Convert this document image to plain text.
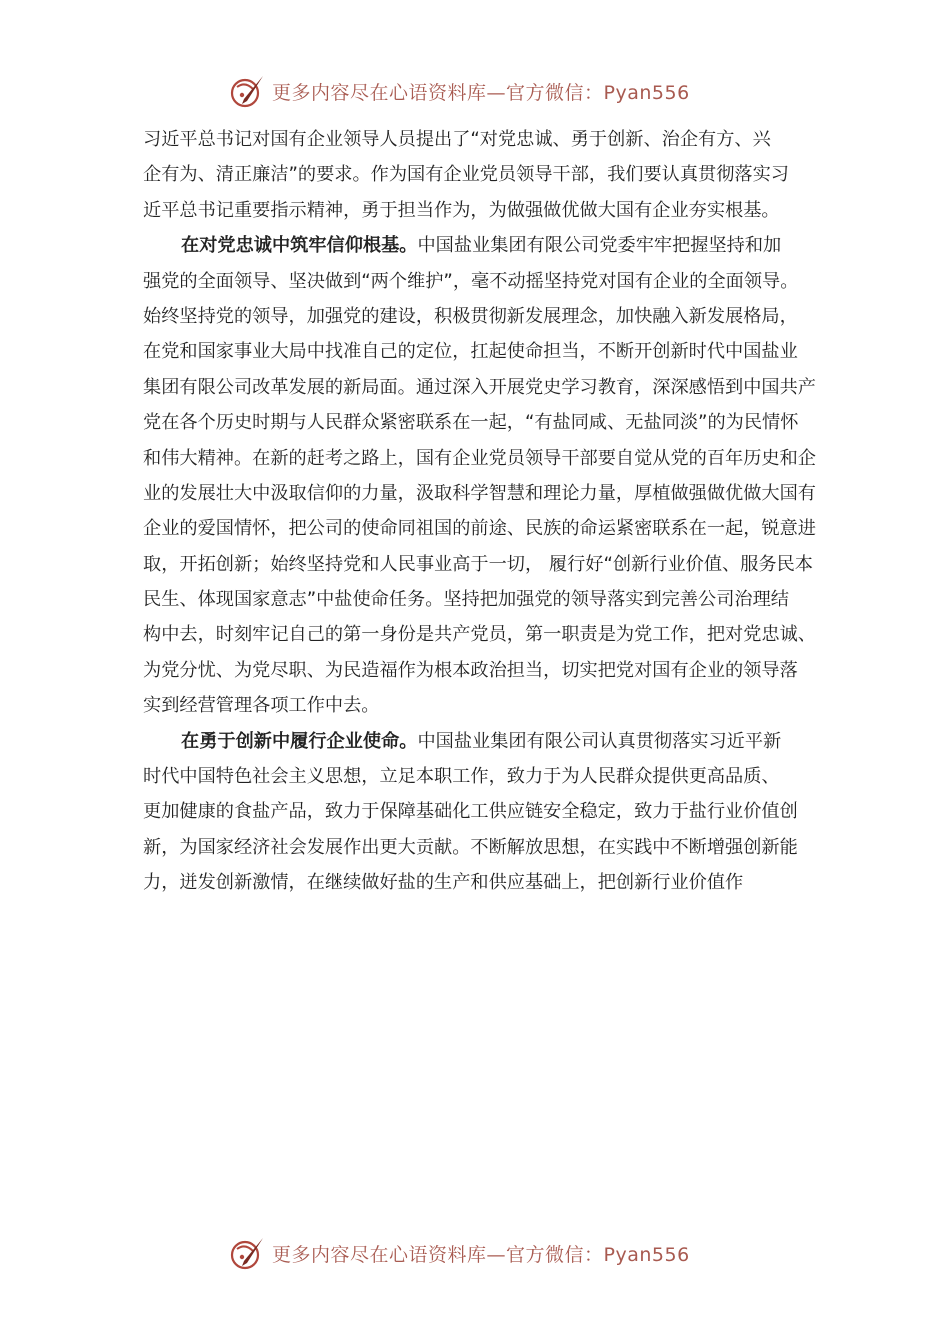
更多内容尽在心语资料库—官方微信：Pyan556
习近平总书记对国有企业领导人员提出了“对党忠诚、勇于创新、治企有方、兴
企有为、清正廉洁”的要求。作为国有企业党员领导干部，我们要认真贯彻落实习
近平总书记重要指示精神，勇于担当作为，为做强做优做大国有企业夯实根基。
在对党忠诚中筑牢信仰根基。中国盐业集团有限公司党委牢牢把握坚持和加
强党的全面领导、坚决做到“两个维护”，毫不动摇坚持党对国有企业的全面领导。
始终坚持党的领导，加强党的建设，积极贯彻新发展理念，加快融入新发展格局，
在党和国家事业大局中找准自己的定位，扛起使命担当，不断开创新时代中国盐业
集团有限公司改革发展的新局面。通过深入开展党史学习教育，深深感悟到中国共产
党在各个历史时期与人民群众紧密联系在一起，“有盐同咸、无盐同淡”的为民情怀
和伟大精神。在新的赶考之路上，国有企业党员领导干部要自觉从党的百年历史和企
业的发展壮大中汲取信仰的力量，汲取科学智慧和理论力量，厚植做强做优做大国有
企业的爱国情怀，把公司的使命同祖国的前途、民族的命运紧密联系在一起，锐意进
取，开拓创新；始终坚持党和人民事业高于一切， 履行好“创新行业价值、服务民本
民生、体现国家意志”中盐使命任务。坚持把加强党的领导落实到完善公司治理结
构中去，时刻牢记自己的第一身份是共产党员，第一职责是为党工作，把对党忠诚、
为党分忧、为党尽职、为民造福作为根本政治担当，切实把党对国有企业的领导落
实到经营管理各项工作中去。
在勇于创新中履行企业使命。中国盐业集团有限公司认真贯彻落实习近平新
时代中国特色社会主义思想，立足本职工作，致力于为人民群众提供更高品质、
更加健康的食盐产品，致力于保障基础化工供应链安全稳定，致力于盐行业价值创
新，为国家经济社会发展作出更大贡献。不断解放思想，在实践中不断增强创新能
力，迸发创新激情，在继续做好盐的生产和供应基础上，把创新行业价值作
更多内容尽在心语资料库—官方微信：Pyan556
